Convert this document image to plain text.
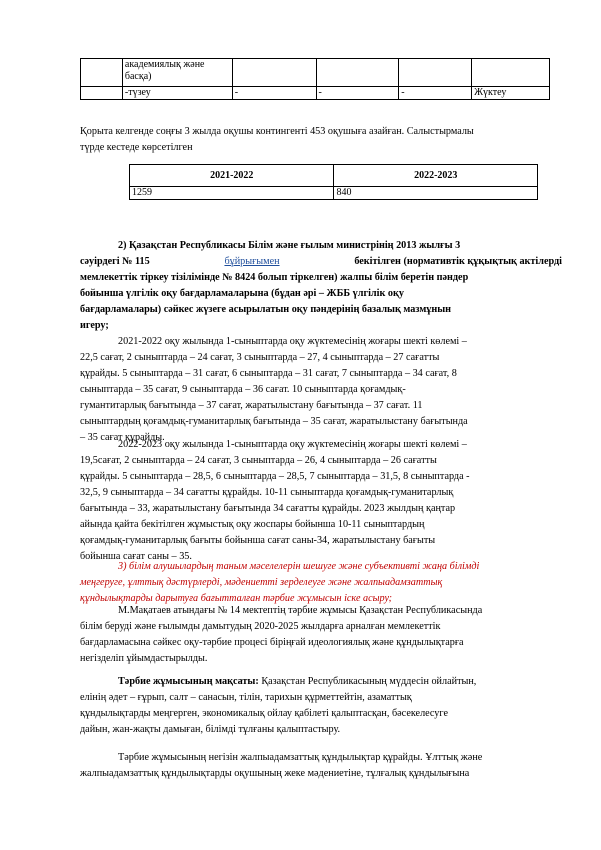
	академиялық және басқа)				
	-түзеу	-	-	-	Жүктеу
Қорыта келгенде соңғы 3 жылда оқушы контингенті 453 оқушыға азайған. Салыстырмалы
түрде кестеде көрсетілген
2021-2022	2022-2023
1259	840
2) Қазақстан Республикасы Білім және ғылым министрінің 2013 жылғы 3
сәуірдегі № 115	бұйрығымен	бекітілген (нормативтік құқықтық актілерді
мемлекеттік тіркеу тізілімінде № 8424 болып тіркелген) жалпы білім беретін пәндер
бойынша үлгілік оқу бағдарламаларына (бұдан әрі – ЖББ үлгілік оқу
бағдарламалары) сәйкес жүзеге асырылатын оқу пәндерінің базалық мазмұнын
игеру;
2021-2022 оқу жылында 1-сыныптарда оқу жүктемесінің жоғары шекті көлемі –
22,5 сағат, 2 сыныптарда – 24 сағат, 3 сыныптарда – 27, 4 сыныптарда – 27 сағатты
құрайды. 5 сыныптарда – 31 сағат, 6 сыныптарда – 31 сағат, 7 сыныптарда – 34 сағат, 8
сыныптарда – 35 сағат, 9 сыныптарда – 36 сағат. 10 сыныптарда қоғамдық-
гумантитарлық бағытында – 37 сағат, жаратылыстану бағытында – 37 сағат. 11
сыныптардың қоғамдық-гуманитарлық бағытында – 35 сағат, жаратылыстану бағытында
– 35 сағат құрайды.
2022-2023 оқу жылында 1-сыныптарда оқу жүктемесінің жоғары шекті көлемі –
19,5сағат, 2 сыныптарда – 24 сағат, 3 сыныптарда – 26, 4 сыныптарда – 26 сағатты
құрайды. 5 сыныптарда – 28,5, 6 сыныптарда – 28,5, 7 сыныптарда – 31,5, 8 сыныптарда -
32,5, 9 сыныптарда – 34 сағатты құрайды. 10-11 сыныптарда қоғамдық-гуманитарлық
бағытында – 33, жаратылыстану бағытында 34 сағатты құрайды. 2023 жылдың қаңтар
айында қайта бекітілген жұмыстық оқу жоспары бойынша 10-11 сыныптардың
қоғамдық-гуманитарлық бағыты бойынша сағат саны-34, жаратылыстану бағыты
бойынша сағат саны – 35.
3) білім алушылардың таным мәселелерін шешуге және субъективті жаңа білімді
меңгеруге, ұлттық дәстүрлерді, мәдениетті зерделеуге және жалпыадамзаттық
құндылықтарды дарытуға бағытталған тәрбие жұмысын іске асыру;
М.Мақатаев атындағы № 14 мектептің тәрбие жұмысы Қазақстан Республикасында
білім беруді және ғылымды дамытудың 2020-2025 жылдарға арналған мемлекеттік
бағдарламасына сәйкес оқу-тәрбие процесі біріңғай идеологиялық және құндылықтарға
негізделіп ұйымдастырылды.
Тәрбие жұмысының мақсаты: Қазақстан Республикасының мүддесін ойлайтын,
елінің әдет – ғұрып, салт – санасын, тілін, тарихын құрметтейтін, азаматтық
құндылықтарды меңгерген, экономикалық ойлау қабілеті қалыптасқан, бәсекелесуге
дайын, жан-жақты дамыған, білімді тұлғаны қалыптастыру.
Тәрбие жұмысының негізін жалпыадамзаттық құндылықтар құрайды. Ұлттық және
жалпыадамзаттық құндылықтарды оқушының жеке мәдениетіне, тұлғалық құндылығына
